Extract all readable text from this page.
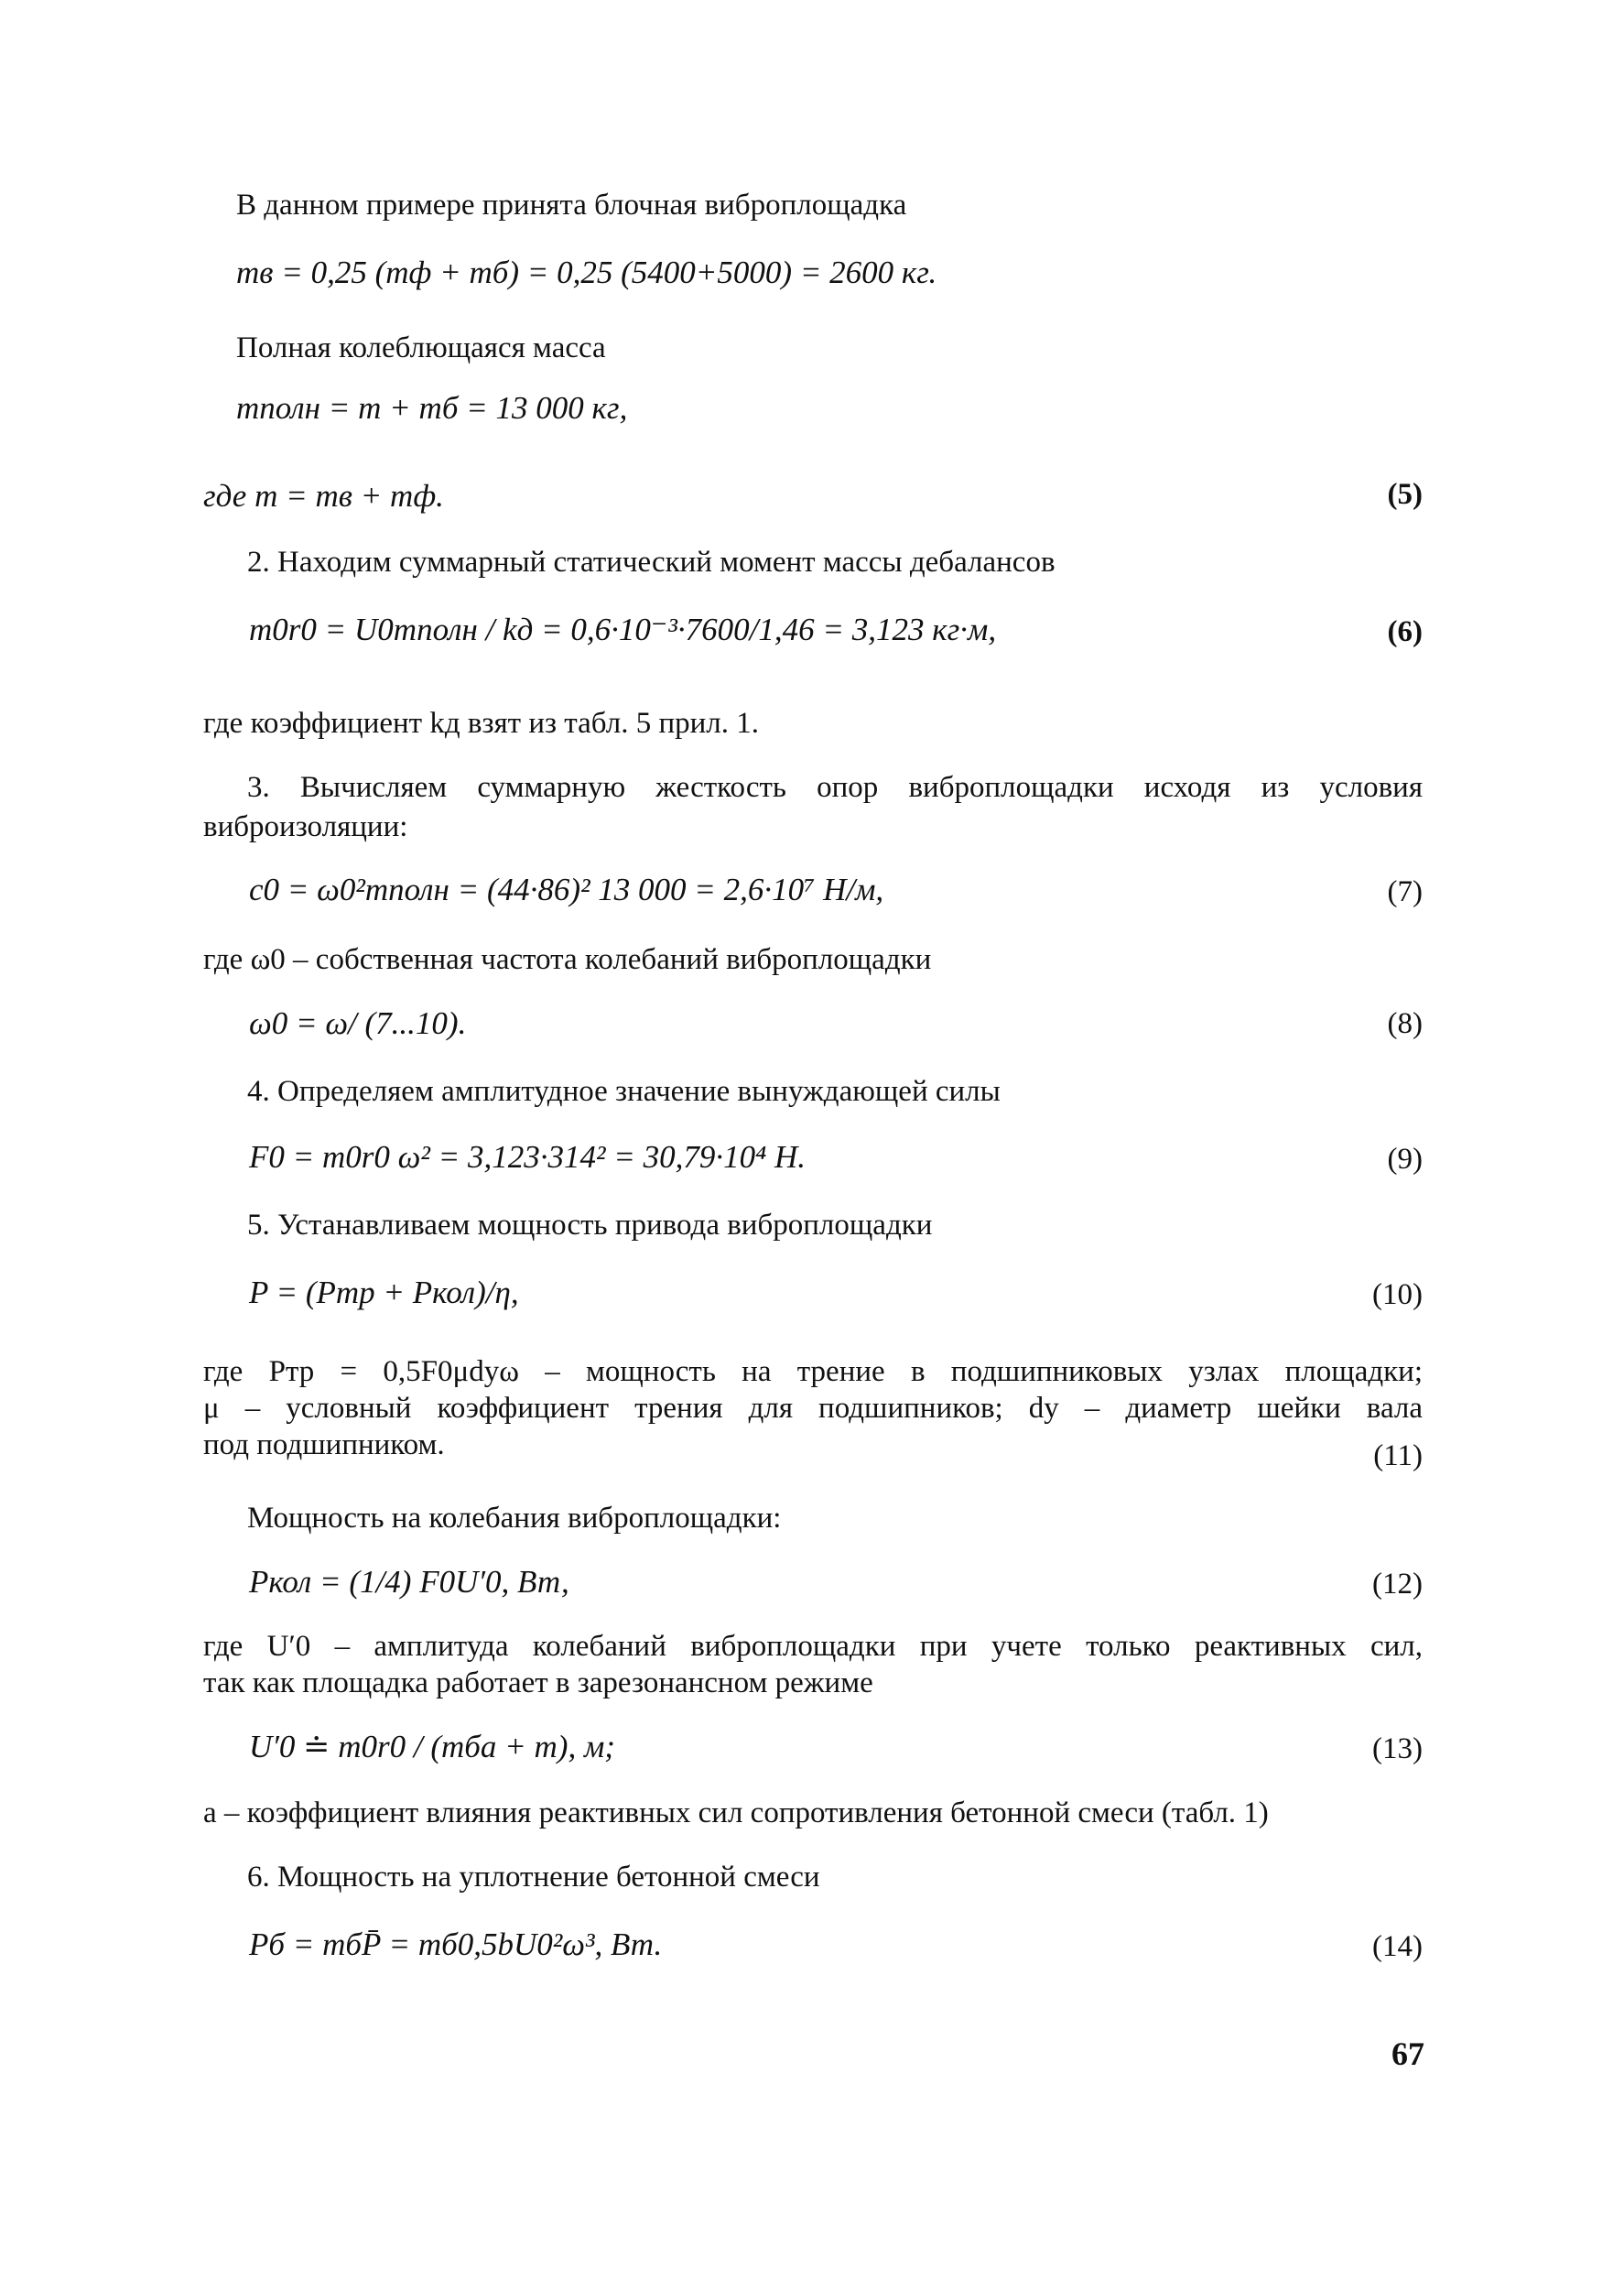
В данном примере принята блочная виброплощадка
mв = 0,25 (mф + mб) = 0,25 (5400+5000) = 2600 кг.
Полная колеблющаяся масса
mполн = m + mб = 13 000 кг,
где m = mв + mф.	(5)
2. Находим суммарный статический момент массы дебалансов
m0r0 = U0mполн / kд = 0,6·10⁻³·7600/1,46 = 3,123 кг·м,	(6)
где коэффициент kд взят из табл. 5 прил. 1.
3. Вычисляем суммарную жесткость опор виброплощадки исходя из условия
виброизоляции:
c0 = ω0²mполн = (44·86)² 13 000 = 2,6·10⁷ Н/м,	(7)
где ω0 – собственная частота колебаний виброплощадки
ω0 = ω/ (7...10).	(8)
4. Определяем амплитудное значение вынуждающей силы
F0 = m0r0 ω² = 3,123·314² = 30,79·10⁴ Н.	(9)
5. Устанавливаем мощность привода виброплощадки
P = (Pтр + Pкол)/η,	(10)
где Pтр = 0,5F0μdyω – мощность на трение в подшипниковых узлах площадки;
μ – условный коэффициент трения для подшипников; dy – диаметр шейки вала
под подшипником.	(11)
Мощность на колебания виброплощадки:
Pкол = (1/4) F0U′0, Вт,	(12)
где U′0 – амплитуда колебаний виброплощадки при учете только реактивных сил,
так как площадка работает в зарезонансном режиме
U′0 ≐ m0r0 / (mбa + m), м;	(13)
a – коэффициент влияния реактивных сил сопротивления бетонной смеси (табл. 1)
6. Мощность на уплотнение бетонной смеси
Pб = mбP̄ = mб0,5bU0²ω³, Вт.	(14)
67
